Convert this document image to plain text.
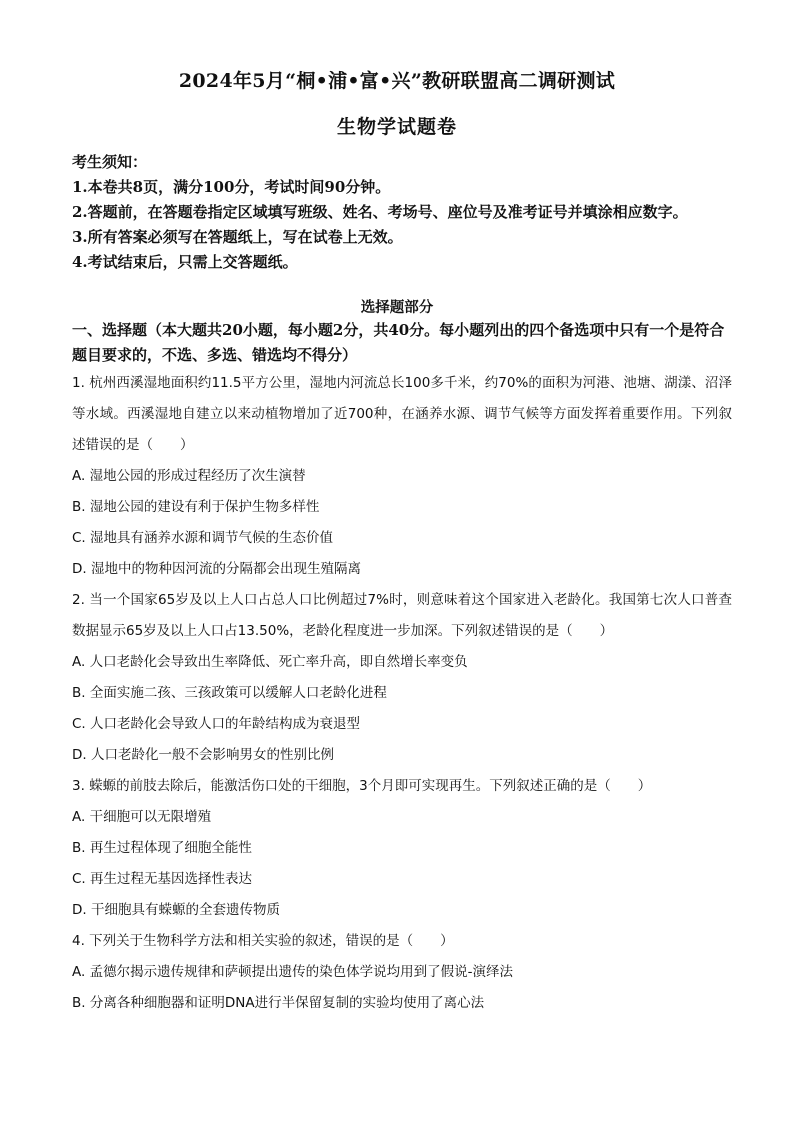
2024年5月“桐•浦•富•兴”教研联盟高二调研测试
生物学试题卷
考生须知：
1.本卷共8页，满分100分，考试时间90分钟。
2.答题前，在答题卷指定区域填写班级、姓名、考场号、座位号及准考证号并填涂相应数字。
3.所有答案必须写在答题纸上，写在试卷上无效。
4.考试结束后，只需上交答题纸。
选择题部分
一、选择题（本大题共20小题，每小题2分，共40分。每小题列出的四个备选项中只有一个是符合题目要求的，不选、多选、错选均不得分）
1. 杭州西溪湿地面积约11.5平方公里，湿地内河流总长100多千米，约70%的面积为河港、池塘、湖漾、沼泽等水域。西溪湿地自建立以来动植物增加了近700种，在涵养水源、调节气候等方面发挥着重要作用。下列叙述错误的是（　　）
A. 湿地公园的形成过程经历了次生演替
B. 湿地公园的建设有利于保护生物多样性
C. 湿地具有涵养水源和调节气候的生态价值
D. 湿地中的物种因河流的分隔都会出现生殖隔离
2. 当一个国家65岁及以上人口占总人口比例超过7%时，则意味着这个国家进入老龄化。我国第七次人口普查数据显示65岁及以上人口占13.50%，老龄化程度进一步加深。下列叙述错误的是（　　）
A. 人口老龄化会导致出生率降低、死亡率升高，即自然增长率变负
B. 全面实施二孩、三孩政策可以缓解人口老龄化进程
C. 人口老龄化会导致人口的年龄结构成为衰退型
D. 人口老龄化一般不会影响男女的性别比例
3. 蝾螈的前肢去除后，能激活伤口处的干细胞，3个月即可实现再生。下列叙述正确的是（　　）
A. 干细胞可以无限增殖
B. 再生过程体现了细胞全能性
C. 再生过程无基因选择性表达
D. 干细胞具有蝾螈的全套遗传物质
4. 下列关于生物科学方法和相关实验的叙述，错误的是（　　）
A. 孟德尔揭示遗传规律和萨顿提出遗传的染色体学说均用到了假说-演绎法
B. 分离各种细胞器和证明DNA进行半保留复制的实验均使用了离心法
